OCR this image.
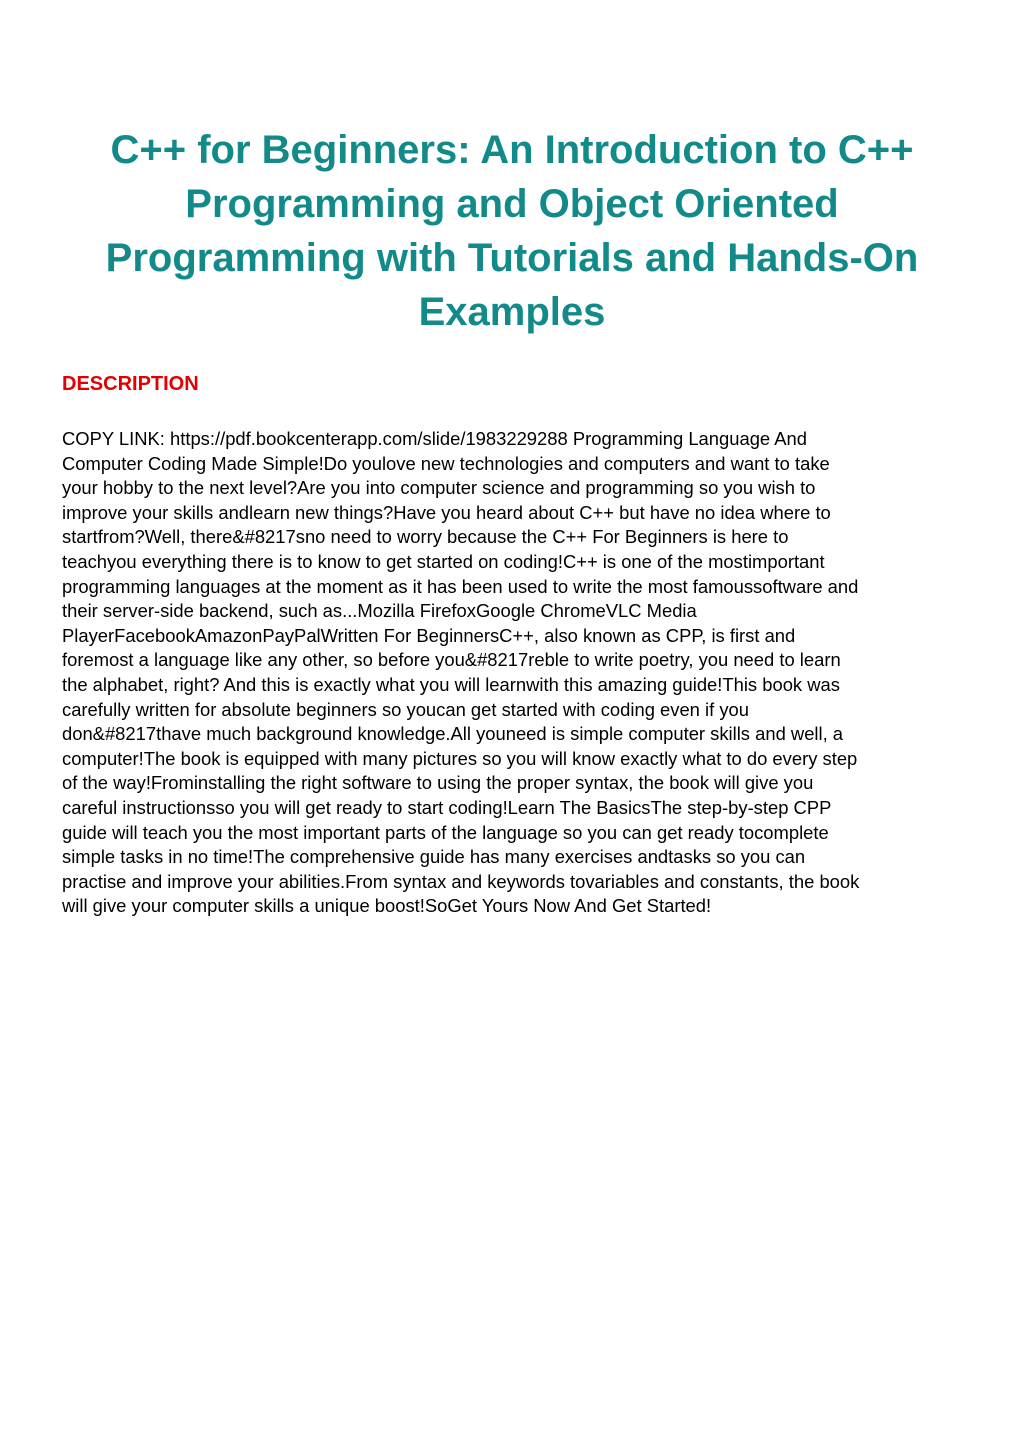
C++ for Beginners: An Introduction to C++
Programming and Object Oriented
Programming with Tutorials and Hands-On
Examples
DESCRIPTION

COPY LINK: https://pdf.bookcenterapp.com/slide/1983229288 Programming Language And
Computer Coding Made Simple!Do youlove new technologies and computers and want to take
your hobby to the next level?Are you into computer science and programming so you wish to
improve your skills andlearn new things?Have you heard about C++ but have no idea where to
startfrom?Well, there&#8217sno need to worry because the C++ For Beginners is here to
teachyou everything there is to know to get started on coding!C++ is one of the mostimportant
programming languages at the moment as it has been used to write the most famoussoftware and
their server-side backend, such as...Mozilla FirefoxGoogle ChromeVLC Media
PlayerFacebookAmazonPayPalWritten For BeginnersC++, also known as CPP, is first and
foremost a language like any other, so before you&#8217reble to write poetry, you need to learn
the alphabet, right? And this is exactly what you will learnwith this amazing guide!This book was
carefully written for absolute beginners so youcan get started with coding even if you
don&#8217thave much background knowledge.All youneed is simple computer skills and well, a
computer!The book is equipped with many pictures so you will know exactly what to do every step
of the way!Frominstalling the right software to using the proper syntax, the book will give you
careful instructionsso you will get ready to start coding!Learn The BasicsThe step-by-step CPP
guide will teach you the most important parts of the language so you can get ready tocomplete
simple tasks in no time!The comprehensive guide has many exercises andtasks so you can
practise and improve your abilities.From syntax and keywords tovariables and constants, the book
will give your computer skills a unique boost!SoGet Yours Now And Get Started!
